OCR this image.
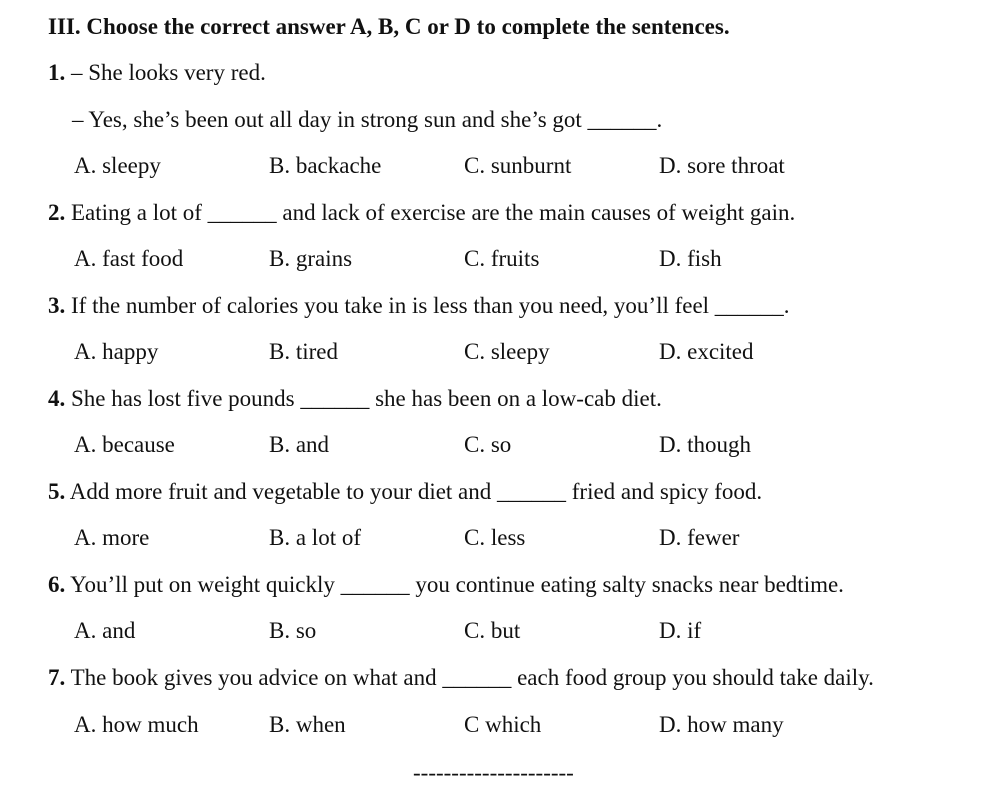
III. Choose the correct answer A, B, C or D to complete the sentences.
1. – She looks very red.
– Yes, she’s been out all day in strong sun and she’s got ______.
A. sleepy	B. backache	C. sunburnt	D. sore throat
2. Eating a lot of ______ and lack of exercise are the main causes of weight gain.
A. fast food	B. grains	C. fruits	D. fish
3. If the number of calories you take in is less than you need, you’ll feel ______.
A. happy	B. tired	C. sleepy	D. excited
4. She has lost five pounds ______ she has been on a low-cab diet.
A. because	B. and	C. so	D. though
5. Add more fruit and vegetable to your diet and ______ fried and spicy food.
A. more	B. a lot of	C. less	D. fewer
6. You’ll put on weight quickly ______ you continue eating salty snacks near bedtime.
A. and	B. so	C. but	D. if
7. The book gives you advice on what and ______ each food group you should take daily.
A. how much	B. when	C which	D. how many
---------------------
